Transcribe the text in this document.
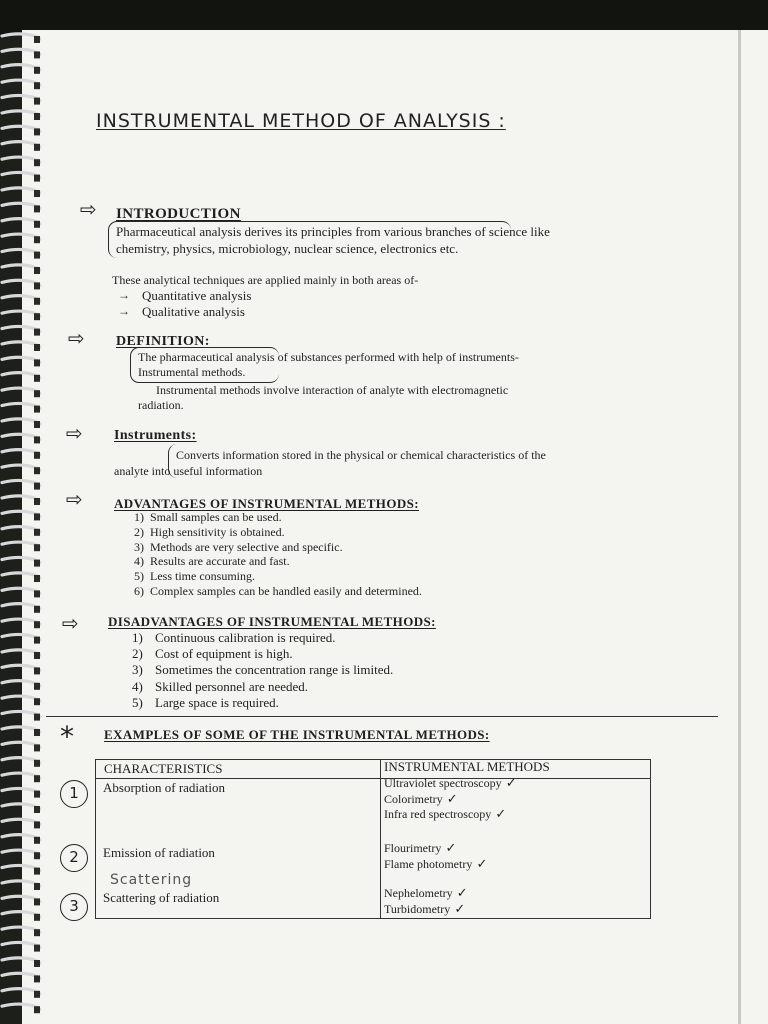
INSTRUMENTAL METHOD OF ANALYSIS :
⇨ INTRODUCTION
Pharmaceutical analysis derives its principles from various branches of science like
chemistry, physics, microbiology, nuclear science, electronics etc.
These analytical techniques are applied mainly in both areas of-
→ Quantitative analysis
→ Qualitative analysis
⇨ DEFINITION:
The pharmaceutical analysis of substances performed with help of instruments-
Instrumental methods.
Instrumental methods involve interaction of analyte with electromagnetic
radiation.
⇨ Instruments:
Converts information stored in the physical or chemical characteristics of the
analyte into useful information
⇨ ADVANTAGES OF INSTRUMENTAL METHODS:
1) Small samples can be used.
2) High sensitivity is obtained.
3) Methods are very selective and specific.
4) Results are accurate and fast.
5) Less time consuming.
6) Complex samples can be handled easily and determined.
⇨ DISADVANTAGES OF INSTRUMENTAL METHODS:
1) Continuous calibration is required.
2) Cost of equipment is high.
3) Sometimes the concentration range is limited.
4) Skilled personnel are needed.
5) Large space is required.
* EXAMPLES OF SOME OF THE INSTRUMENTAL METHODS:
CHARACTERISTICS	INSTRUMENTAL METHODS
1	Absorption of radiation	Ultraviolet spectroscopy ✓
Colorimetry ✓
Infra red spectroscopy ✓
2	Emission of radiation	Flourimetry ✓
Flame photometry ✓
3	Scattering of radiation	Nephelometry ✓
Turbidometry ✓
Scattering
